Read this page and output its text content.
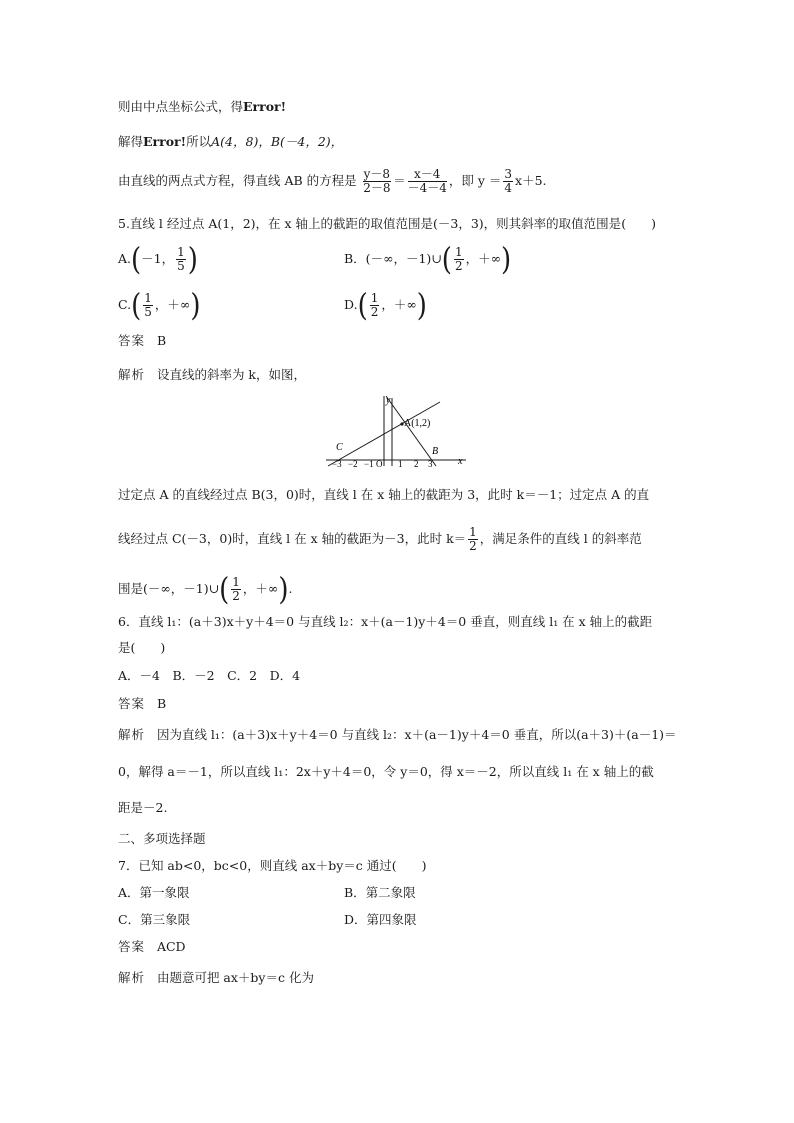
则由中点坐标公式，得Error!
解得Error!所以A(4，8)，B(－4，2)，
由直线的两点式方程，得直线 AB 的方程是 $\frac{y-8}{2-8} = \frac{x-4}{-4-4}$ ，即 $y = \frac{3}{4} x+5$.
5.直线 l 经过点 A(1，2)，在 x 轴上的截距的取值范围是(－3，3)，则其斜率的取值范围是(　　)
A.(－1， $\frac{1}{5}$ )	B．(－∞，－1)∪( $\frac{1}{2}$ ，＋∞)
$C.( \frac{1}{5}$ ，＋∞)	$D.( \frac{1}{2}$ ，＋∞)
答案 B
解析 设直线的斜率为 k，如图，
y
x
A(1,2)
B
C
−3 −2 −1 O 1 2 3
过定点 A 的直线经过点 B(3，0)时，直线 l 在 x 轴上的截距为 3，此时 k＝－1；过定点 A 的直
线经过点 C(－3，0)时，直线 l 在 x 轴的截距为－3，此时 $k= \frac{1}{2}$ ，满足条件的直线 l 的斜率范
围是(－∞，－1)∪( $\frac{1}{2}$ ，＋∞).
6．直线 l₁：(a＋3)x＋y＋4＝0 与直线 l₂：x＋(a－1)y＋4＝0 垂直，则直线 l₁ 在 x 轴上的截距
是(　　)
A．－4　B．－2　C．2　D．4
答案 B
解析 因为直线 l₁：(a＋3)x＋y＋4＝0 与直线 l₂：x＋(a－1)y＋4＝0 垂直，所以(a＋3)＋(a－1)＝
0，解得 a＝－1，所以直线 l₁：2x＋y＋4＝0，令 y＝0，得 x＝－2，所以直线 l₁ 在 x 轴上的截
距是－2.
二、多项选择题
7．已知 ab<0，bc<0，则直线 ax＋by＝c 通过(　　)
A．第一象限	B．第二象限
C．第三象限	D．第四象限
答案 ACD
解析 由题意可把 ax＋by＝c 化为
